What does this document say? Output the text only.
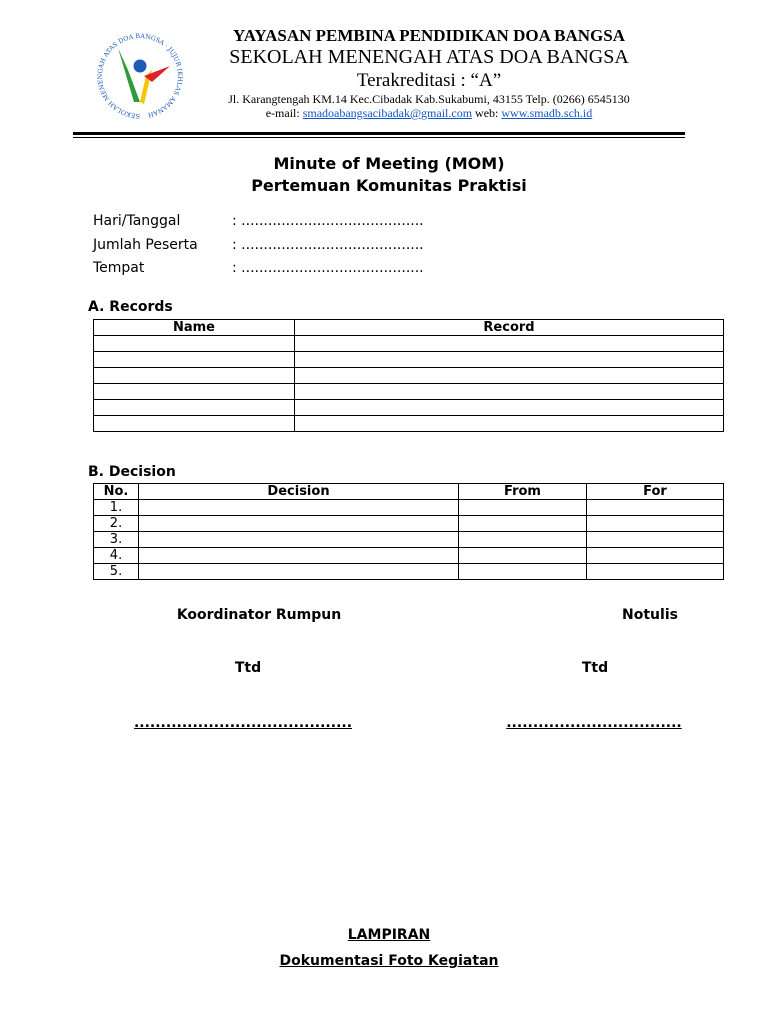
SEKOLAH MENENGAH ATAS DOA BANGSA · JUJUR IKHLAS AMANAH
YAYASAN PEMBINA PENDIDIKAN DOA BANGSA
SEKOLAH MENENGAH ATAS DOA BANGSA
Terakreditasi : “A”
Jl. Karangtengah KM.14 Kec.Cibadak Kab.Sukabumi, 43155 Telp. (0266) 6545130
e-mail: smadoabangsacibadak@gmail.com web: www.smadb.sch.id
Minute of Meeting (MOM)
Pertemuan Komunitas Praktisi
Hari/Tanggal	: .........................................
Jumlah Peserta	: .........................................
Tempat	: .........................................
A. Records
Name	Record

B. Decision
No.	Decision	From	For
1.			
2.			
3.			
4.			
5.			
Koordinator Rumpun	Notulis
Ttd	Ttd
.........................................	.................................
LAMPIRAN
Dokumentasi Foto Kegiatan
